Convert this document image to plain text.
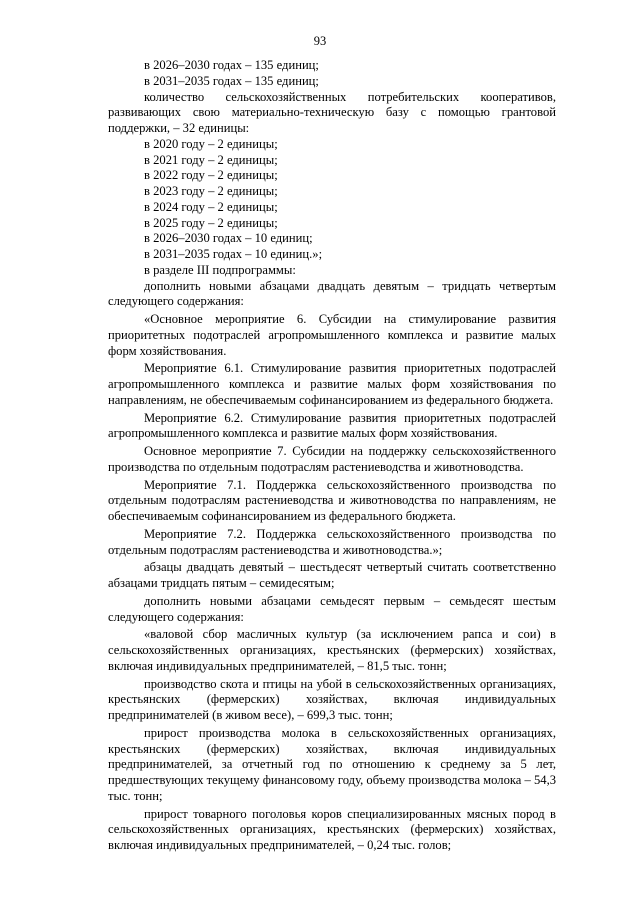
93

в 2026–2030 годах – 135 единиц;

в 2031–2035 годах – 135 единиц;

количество сельскохозяйственных потребительских кооперативов, развивающих свою материально-техническую базу с помощью грантовой поддержки, – 32 единицы:

в 2020 году – 2 единицы;

в 2021 году – 2 единицы;

в 2022 году – 2 единицы;

в 2023 году – 2 единицы;

в 2024 году – 2 единицы;

в 2025 году – 2 единицы;

в 2026–2030 годах – 10 единиц;

в 2031–2035 годах – 10 единиц.»;

в разделе III подпрограммы:

дополнить новыми абзацами двадцать девятым – тридцать четвертым следующего содержания:

«Основное мероприятие 6. Субсидии на стимулирование развития приоритетных подотраслей агропромышленного комплекса и развитие малых форм хозяйствования.

Мероприятие 6.1. Стимулирование развития приоритетных подотраслей агропромышленного комплекса и развитие малых форм хозяйствования по направлениям, не обеспечиваемым софинансированием из федерального бюджета.

Мероприятие 6.2. Стимулирование развития приоритетных подотраслей агропромышленного комплекса и развитие малых форм хозяйствования.

Основное мероприятие 7. Субсидии на поддержку сельскохозяйственного производства по отдельным подотраслям растениеводства и животноводства.

Мероприятие 7.1. Поддержка сельскохозяйственного производства по отдельным подотраслям растениеводства и животноводства по направлениям, не обеспечиваемым софинансированием из федерального бюджета.

Мероприятие 7.2. Поддержка сельскохозяйственного производства по отдельным подотраслям растениеводства и животноводства.»;

абзацы двадцать девятый – шестьдесят четвертый считать соответственно абзацами тридцать пятым – семидесятым;

дополнить новыми абзацами семьдесят первым – семьдесят шестым следующего содержания:

«валовой сбор масличных культур (за исключением рапса и сои) в сельскохозяйственных организациях, крестьянских (фермерских) хозяйствах, включая индивидуальных предпринимателей, – 81,5 тыс. тонн;

производство скота и птицы на убой в сельскохозяйственных организациях, крестьянских (фермерских) хозяйствах, включая индивидуальных предпринимателей (в живом весе), – 699,3 тыс. тонн;

прирост производства молока в сельскохозяйственных организациях, крестьянских (фермерских) хозяйствах, включая индивидуальных предпринимателей, за отчетный год по отношению к среднему за 5 лет, предшествующих текущему финансовому году, объему производства молока – 54,3 тыс. тонн;

прирост товарного поголовья коров специализированных мясных пород в сельскохозяйственных организациях, крестьянских (фермерских) хозяйствах, включая индивидуальных предпринимателей, – 0,24 тыс. голов;
